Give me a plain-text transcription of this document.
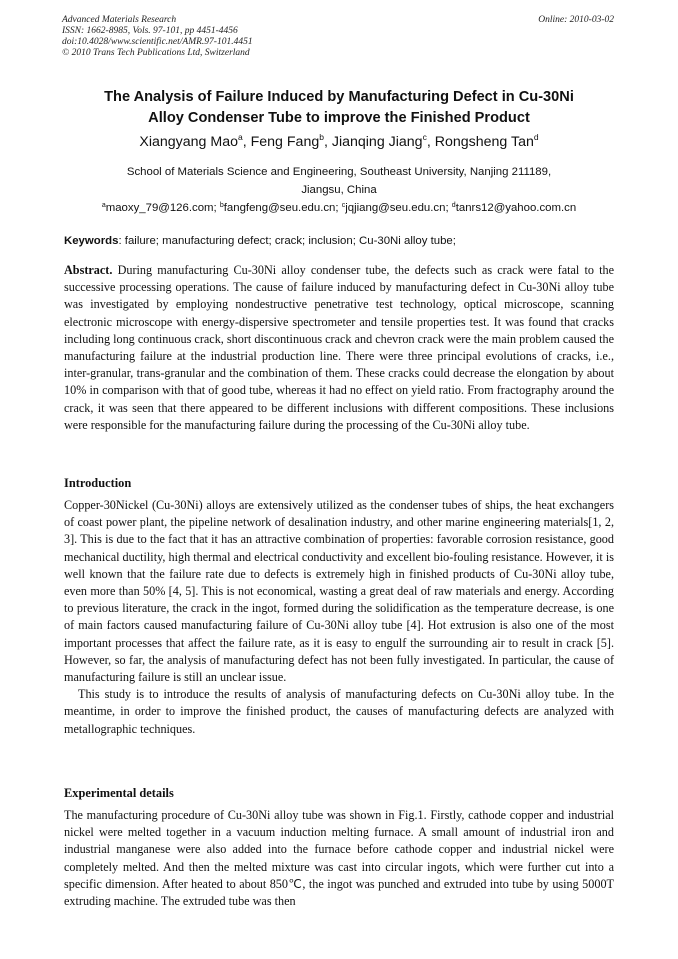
Advanced Materials Research
ISSN: 1662-8985, Vols. 97-101, pp 4451-4456
doi:10.4028/www.scientific.net/AMR.97-101.4451
© 2010 Trans Tech Publications Ltd, Switzerland
Online: 2010-03-02
The Analysis of Failure Induced by Manufacturing Defect in Cu-30Ni
Alloy Condenser Tube to improve the Finished Product
Xiangyang Mao$^a$, Feng Fang$^b$, Jianqing Jiang$^c$, Rongsheng Tan$^d$
School of Materials Science and Engineering, Southeast University, Nanjing 211189,
Jiangsu, China
$^a$maoxy_79@126.com; $^b$fangfeng@seu.edu.cn; $^c$jqjiang@seu.edu.cn; $^d$tanrs12@yahoo.com.cn
Keywords: failure; manufacturing defect; crack; inclusion; Cu-30Ni alloy tube;

Abstract. During manufacturing Cu-30Ni alloy condenser tube, the defects such as crack were fatal to the successive processing operations. The cause of failure induced by manufacturing defect in Cu-30Ni alloy tube was investigated by employing nondestructive penetrative test technology, optical microscope, scanning electronic microscope with energy-dispersive spectrometer and tensile properties test. It was found that cracks including long continuous crack, short discontinuous crack and chevron crack were the main problem caused the manufacturing failure at the industrial production line. There were three principal evolutions of cracks, i.e., inter-granular, trans-granular and the combination of them. These cracks could decrease the elongation by about 10% in comparison with that of good tube, whereas it had no effect on yield ratio. From fractography around the crack, it was seen that there appeared to be different inclusions with different compositions. These inclusions were responsible for the manufacturing failure during the processing of the Cu-30Ni alloy tube.

Introduction

Copper-30Nickel (Cu-30Ni) alloys are extensively utilized as the condenser tubes of ships, the heat exchangers of coast power plant, the pipeline network of desalination industry, and other marine engineering materials[1, 2, 3]. This is due to the fact that it has an attractive combination of properties: favorable corrosion resistance, good mechanical ductility, high thermal and electrical conductivity and excellent bio-fouling resistance. However, it is well known that the failure rate due to defects is extremely high in finished products of Cu-30Ni alloy tube, even more than 50% [4, 5]. This is not economical, wasting a great deal of raw materials and energy. According to previous literature, the crack in the ingot, formed during the solidification as the temperature decrease, is one of main factors caused manufacturing failure of Cu-30Ni alloy tube [4]. Hot extrusion is also one of the most important processes that affect the failure rate, as it is easy to engulf the surrounding air to result in crack [5]. However, so far, the analysis of manufacturing defect has not been fully investigated. In particular, the cause of manufacturing failure is still an unclear issue.

This study is to introduce the results of analysis of manufacturing defects on Cu-30Ni alloy tube. In the meantime, in order to improve the finished product, the causes of manufacturing defects are analyzed with metallographic techniques.

Experimental details

The manufacturing procedure of Cu-30Ni alloy tube was shown in Fig.1. Firstly, cathode copper and industrial nickel were melted together in a vacuum induction melting furnace. A small amount of industrial iron and industrial manganese were also added into the furnace before cathode copper and industrial nickel were completely melted. And then the melted mixture was cast into circular ingots, which were further cut into a specific dimension. After heated to about 850℃, the ingot was punched and extruded into tube by using 5000T extruding machine. The extruded tube was then
